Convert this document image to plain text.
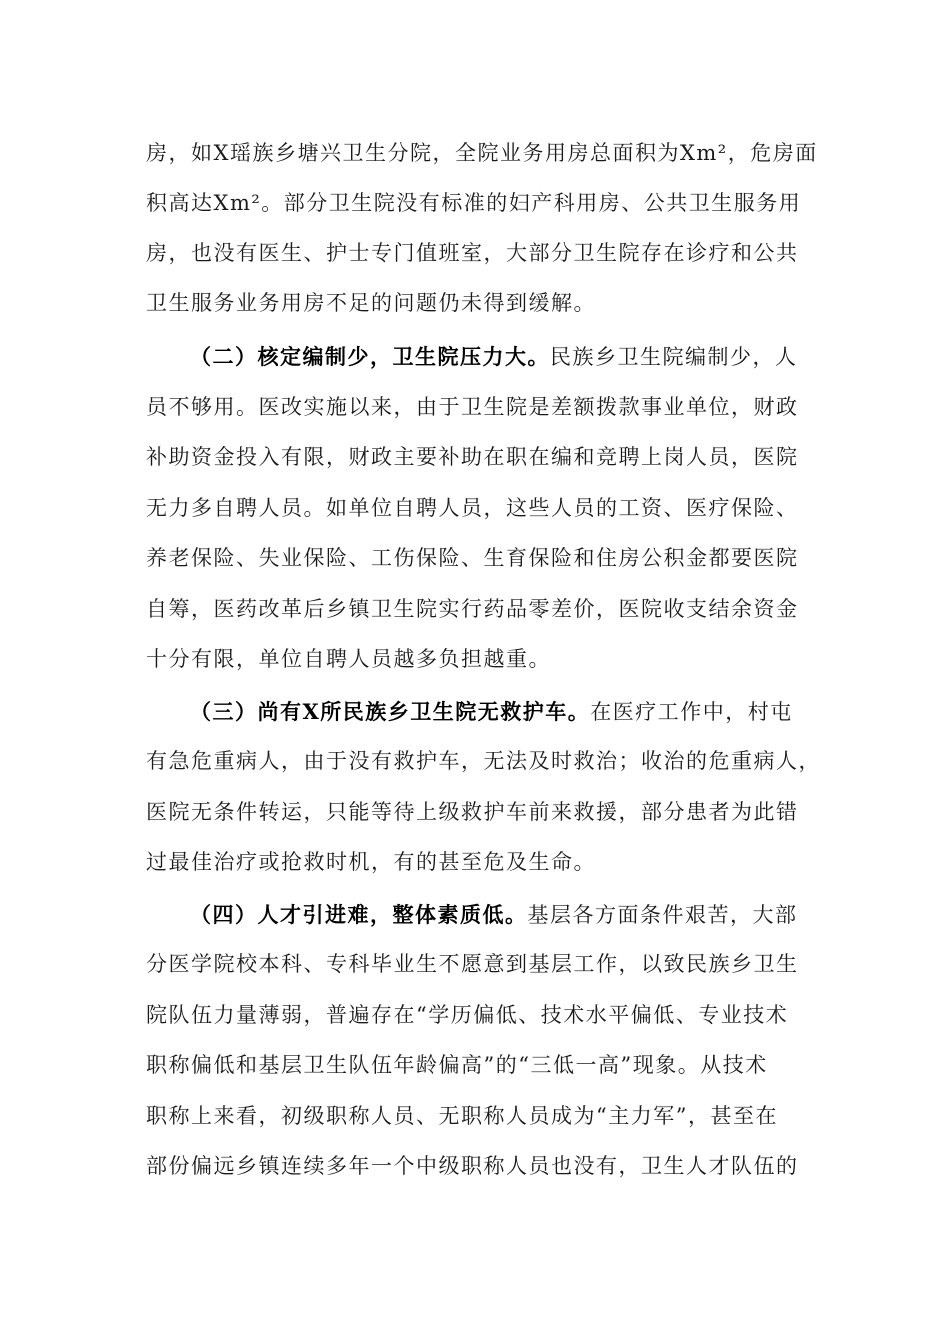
房，如X瑶族乡塘兴卫生分院，全院业务用房总面积为Xm²，危房面
积高达Xm²。部分卫生院没有标准的妇产科用房、公共卫生服务用
房，也没有医生、护士专门值班室，大部分卫生院存在诊疗和公共
卫生服务业务用房不足的问题仍未得到缓解。
（二）核定编制少，卫生院压力大。民族乡卫生院编制少，人
员不够用。医改实施以来，由于卫生院是差额拨款事业单位，财政
补助资金投入有限，财政主要补助在职在编和竞聘上岗人员，医院
无力多自聘人员。如单位自聘人员，这些人员的工资、医疗保险、
养老保险、失业保险、工伤保险、生育保险和住房公积金都要医院
自筹，医药改革后乡镇卫生院实行药品零差价，医院收支结余资金
十分有限，单位自聘人员越多负担越重。
（三）尚有X所民族乡卫生院无救护车。在医疗工作中，村屯
有急危重病人，由于没有救护车，无法及时救治；收治的危重病人，
医院无条件转运，只能等待上级救护车前来救援，部分患者为此错
过最佳治疗或抢救时机，有的甚至危及生命。
（四）人才引进难，整体素质低。基层各方面条件艰苦，大部
分医学院校本科、专科毕业生不愿意到基层工作，以致民族乡卫生
院队伍力量薄弱，普遍存在“学历偏低、技术水平偏低、专业技术
职称偏低和基层卫生队伍年龄偏高”的“三低一高”现象。从技术
职称上来看，初级职称人员、无职称人员成为“主力军”，甚至在
部份偏远乡镇连续多年一个中级职称人员也没有，卫生人才队伍的
